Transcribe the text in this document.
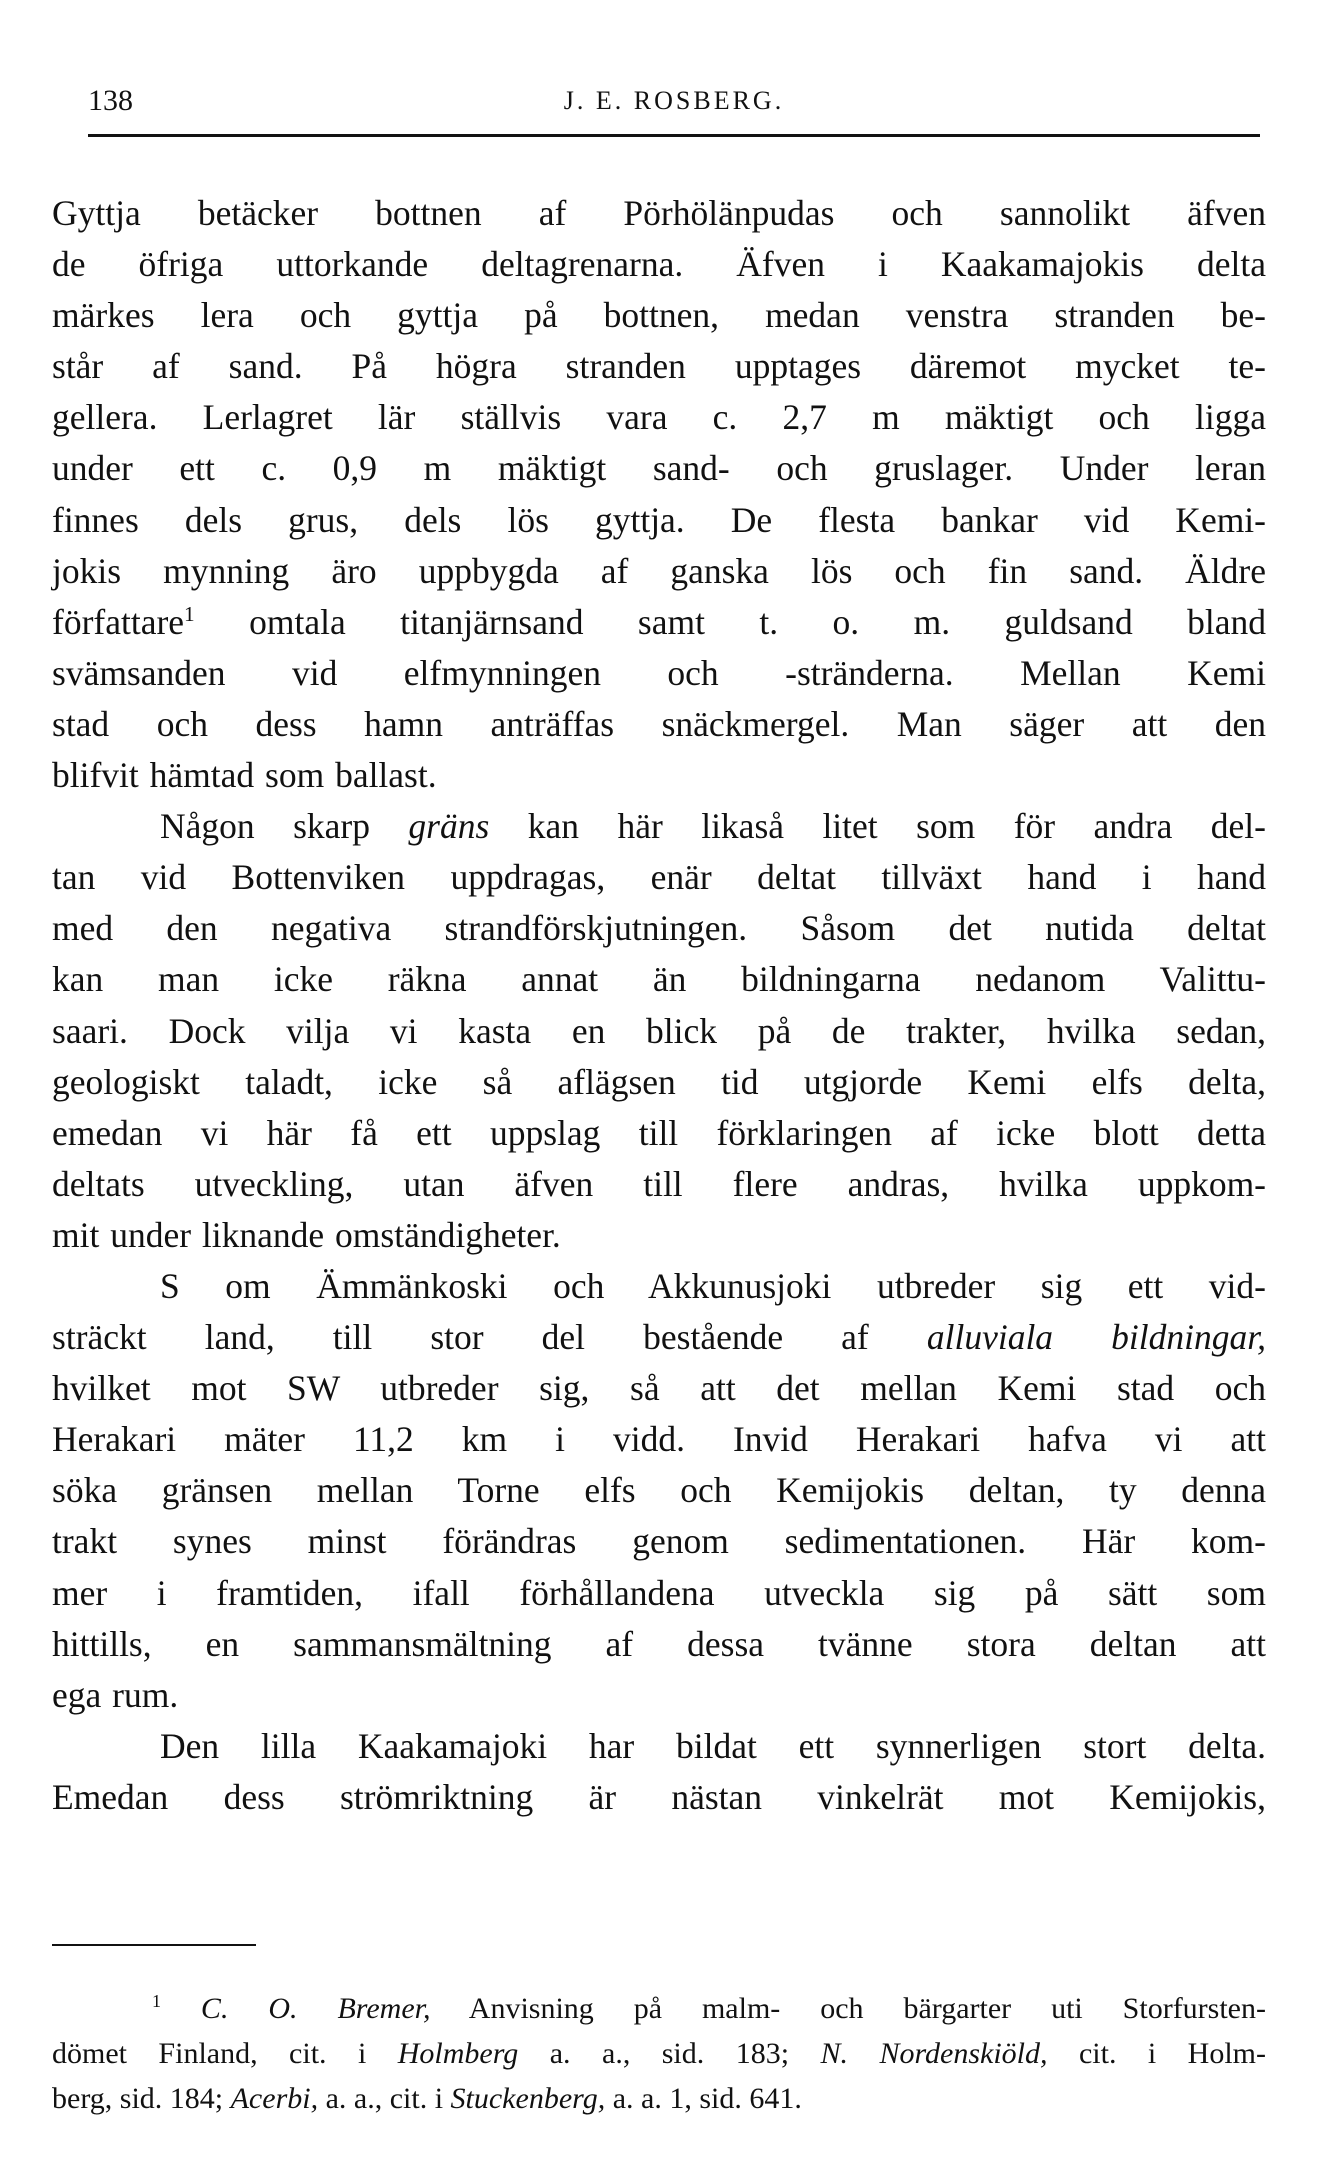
138	J. E. ROSBERG.
Gyttja betäcker bottnen af Pörhölänpudas och sannolikt äfven
de öfriga uttorkande deltagrenarna. Äfven i Kaakamajokis delta
märkes lera och gyttja på bottnen, medan venstra stranden be-
står af sand. På högra stranden upptages däremot mycket te-
gellera. Lerlagret lär ställvis vara c. 2,7 m mäktigt och ligga
under ett c. 0,9 m mäktigt sand- och gruslager. Under leran
finnes dels grus, dels lös gyttja. De flesta bankar vid Kemi-
jokis mynning äro uppbygda af ganska lös och fin sand. Äldre
författare$^1$ omtala titanjärnsand samt t. o. m. guldsand bland
svämsanden vid elfmynningen och -stränderna. Mellan Kemi
stad och dess hamn anträffas snäckmergel. Man säger att den
blifvit hämtad som ballast.
Någon skarp gräns kan här likaså litet som för andra del-
tan vid Bottenviken uppdragas, enär deltat tillväxt hand i hand
med den negativa strandförskjutningen. Såsom det nutida deltat
kan man icke räkna annat än bildningarna nedanom Valittu-
saari. Dock vilja vi kasta en blick på de trakter, hvilka sedan,
geologiskt taladt, icke så aflägsen tid utgjorde Kemi elfs delta,
emedan vi här få ett uppslag till förklaringen af icke blott detta
deltats utveckling, utan äfven till flere andras, hvilka uppkom-
mit under liknande omständigheter.
S om Ämmänkoski och Akkunusjoki utbreder sig ett vid-
sträckt land, till stor del bestående af alluviala bildningar,
hvilket mot SW utbreder sig, så att det mellan Kemi stad och
Herakari mäter 11,2 km i vidd. Invid Herakari hafva vi att
söka gränsen mellan Torne elfs och Kemijokis deltan, ty denna
trakt synes minst förändras genom sedimentationen. Här kom-
mer i framtiden, ifall förhållandena utveckla sig på sätt som
hittills, en sammansmältning af dessa tvänne stora deltan att
ega rum.
Den lilla Kaakamajoki har bildat ett synnerligen stort delta.
Emedan dess strömriktning är nästan vinkelrät mot Kemijokis,
$^1$ C. O. Bremer, Anvisning på malm- och bärgarter uti Storfursten-
dömet Finland, cit. i Holmberg a. a., sid. 183; N. Nordenskiöld, cit. i Holm-
berg, sid. 184; Acerbi, a. a., cit. i Stuckenberg, a. a. 1, sid. 641.
